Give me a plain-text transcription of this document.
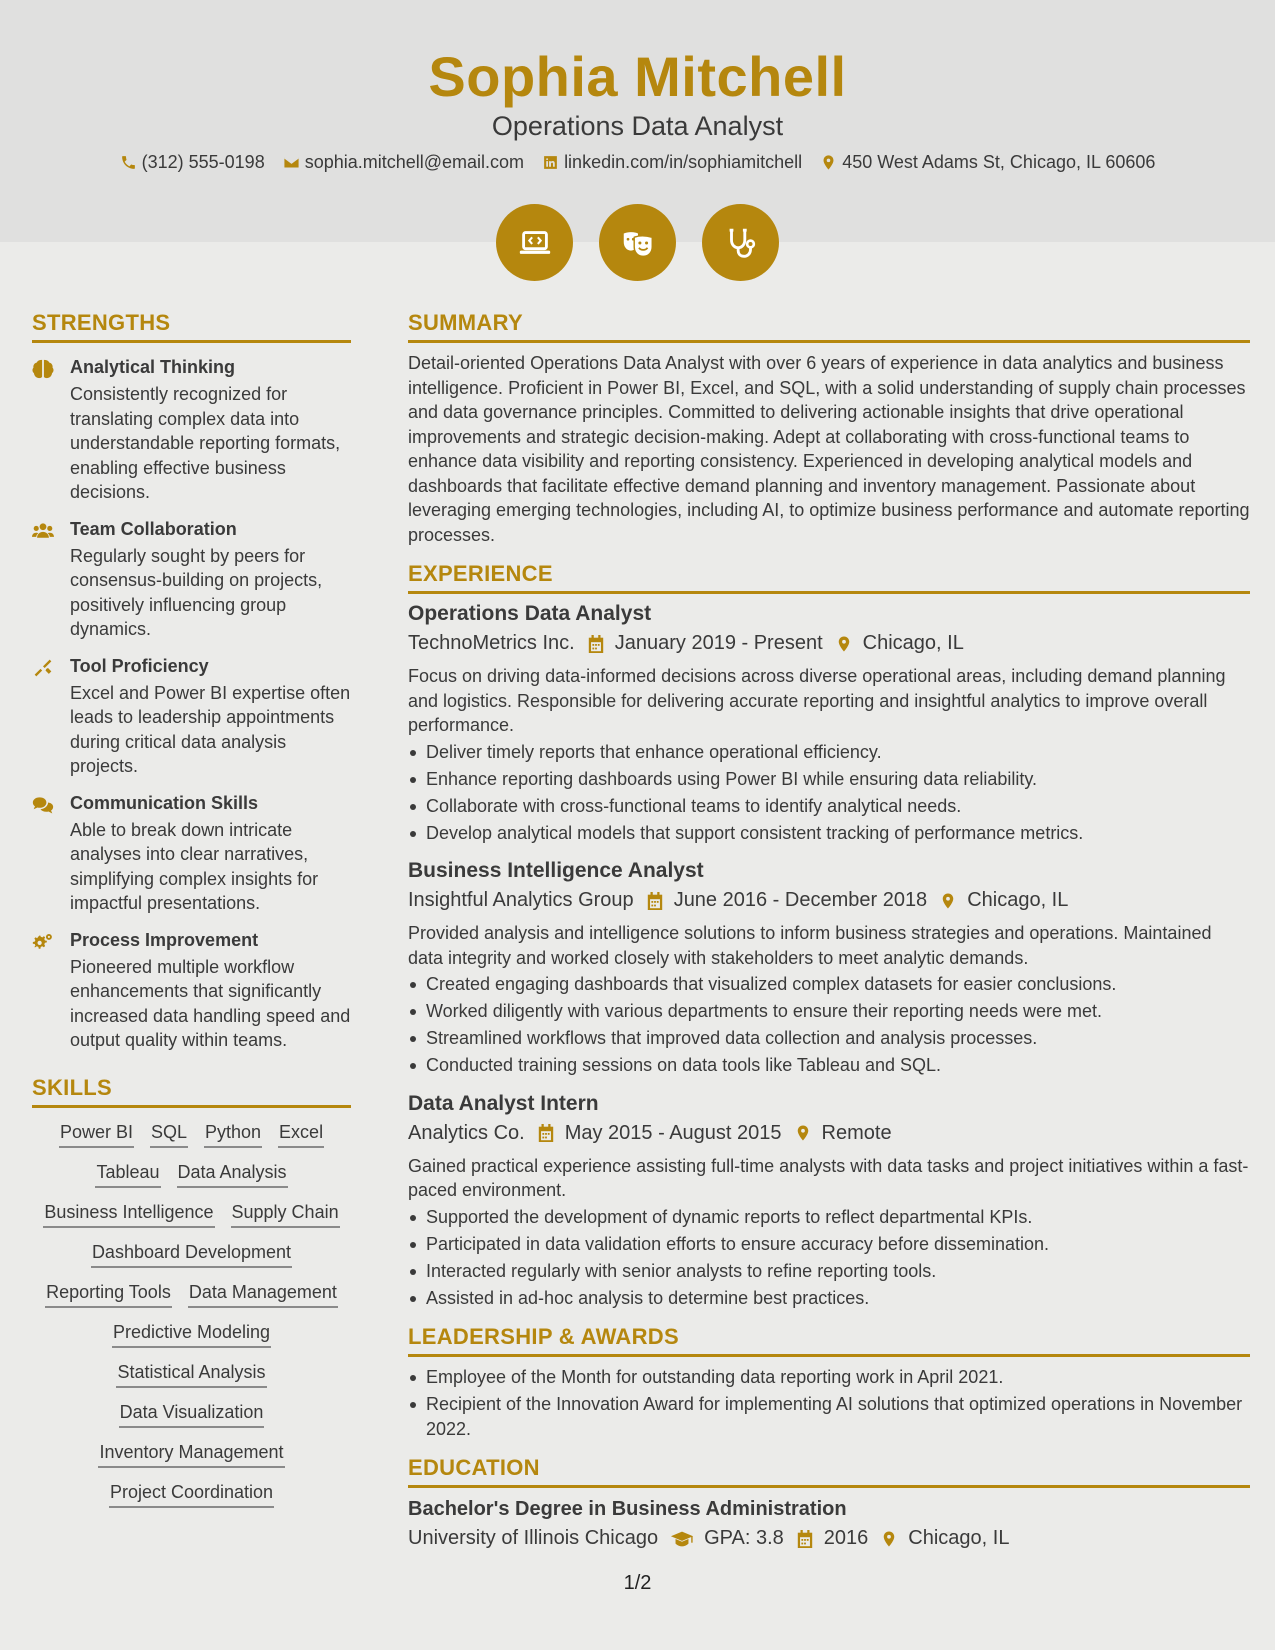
Sophia Mitchell
Operations Data Analyst
(312) 555-0198 sophia.mitchell@email.com linkedin.com/in/sophiamitchell 450 West Adams St, Chicago, IL 60606
STRENGTHS
Analytical Thinking
Consistently recognized for translating complex data into understandable reporting formats, enabling effective business decisions.
Team Collaboration
Regularly sought by peers for consensus-building on projects, positively influencing group dynamics.
Tool Proficiency
Excel and Power BI expertise often leads to leadership appointments during critical data analysis projects.
Communication Skills
Able to break down intricate analyses into clear narratives, simplifying complex insights for impactful presentations.
Process Improvement
Pioneered multiple workflow enhancements that significantly increased data handling speed and output quality within teams.
SKILLS
Power BI SQL Python Excel
Tableau Data Analysis
Business Intelligence Supply Chain
Dashboard Development
Reporting Tools Data Management
Predictive Modeling
Statistical Analysis
Data Visualization
Inventory Management
Project Coordination
SUMMARY
Detail-oriented Operations Data Analyst with over 6 years of experience in data analytics and business intelligence. Proficient in Power BI, Excel, and SQL, with a solid understanding of supply chain processes and data governance principles. Committed to delivering actionable insights that drive operational improvements and strategic decision-making. Adept at collaborating with cross-functional teams to enhance data visibility and reporting consistency. Experienced in developing analytical models and dashboards that facilitate effective demand planning and inventory management. Passionate about leveraging emerging technologies, including AI, to optimize business performance and automate reporting processes.
EXPERIENCE
Operations Data Analyst
TechnoMetrics Inc. January 2019 - Present Chicago, IL
Focus on driving data-informed decisions across diverse operational areas, including demand planning and logistics. Responsible for delivering accurate reporting and insightful analytics to improve overall performance.
Deliver timely reports that enhance operational efficiency.
Enhance reporting dashboards using Power BI while ensuring data reliability.
Collaborate with cross-functional teams to identify analytical needs.
Develop analytical models that support consistent tracking of performance metrics.
Business Intelligence Analyst
Insightful Analytics Group June 2016 - December 2018 Chicago, IL
Provided analysis and intelligence solutions to inform business strategies and operations. Maintained data integrity and worked closely with stakeholders to meet analytic demands.
Created engaging dashboards that visualized complex datasets for easier conclusions.
Worked diligently with various departments to ensure their reporting needs were met.
Streamlined workflows that improved data collection and analysis processes.
Conducted training sessions on data tools like Tableau and SQL.
Data Analyst Intern
Analytics Co. May 2015 - August 2015 Remote
Gained practical experience assisting full-time analysts with data tasks and project initiatives within a fast-paced environment.
Supported the development of dynamic reports to reflect departmental KPIs.
Participated in data validation efforts to ensure accuracy before dissemination.
Interacted regularly with senior analysts to refine reporting tools.
Assisted in ad-hoc analysis to determine best practices.
LEADERSHIP & AWARDS
Employee of the Month for outstanding data reporting work in April 2021.
Recipient of the Innovation Award for implementing AI solutions that optimized operations in November 2022.
EDUCATION
Bachelor's Degree in Business Administration
University of Illinois Chicago GPA: 3.8 2016 Chicago, IL
1/2
